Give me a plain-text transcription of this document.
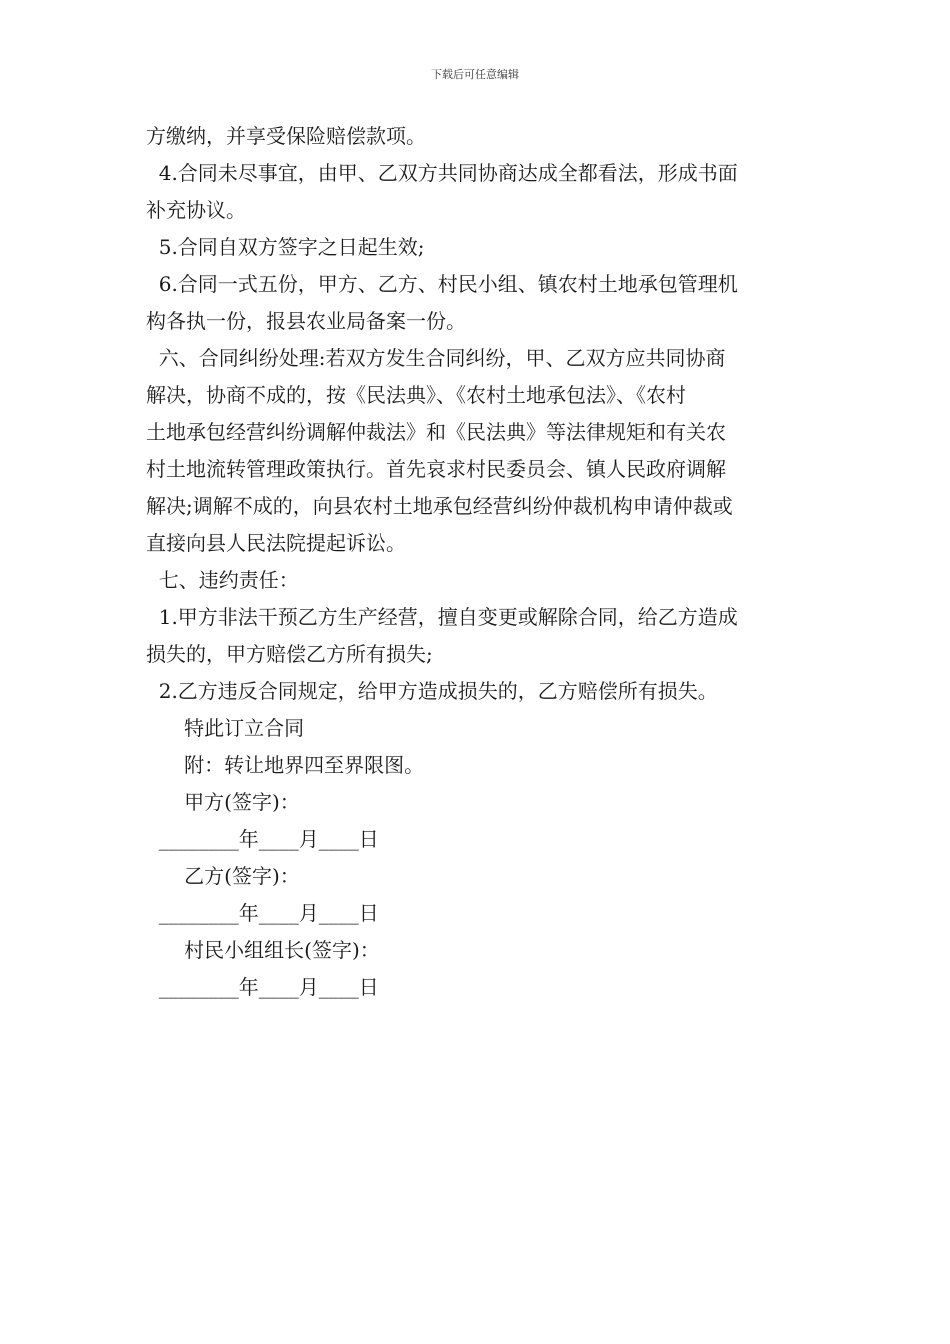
下载后可任意编辑
方缴纳，并享受保险赔偿款项。
4.合同未尽事宜，由甲、乙双方共同协商达成全都看法，形成书面
补充协议。
5.合同自双方签字之日起生效;
6.合同一式五份，甲方、乙方、村民小组、镇农村土地承包管理机
构各执一份，报县农业局备案一份。
六、合同纠纷处理:若双方发生合同纠纷，甲、乙双方应共同协商
解决，协商不成的，按《民法典》、《农村土地承包法》、《农村
土地承包经营纠纷调解仲裁法》和《民法典》等法律规矩和有关农
村土地流转管理政策执行。首先哀求村民委员会、镇人民政府调解
解决;调解不成的，向县农村土地承包经营纠纷仲裁机构申请仲裁或
直接向县人民法院提起诉讼。
七、违约责任：
1.甲方非法干预乙方生产经营，擅自变更或解除合同，给乙方造成
损失的，甲方赔偿乙方所有损失;
2.乙方违反合同规定，给甲方造成损失的，乙方赔偿所有损失。
特此订立合同
附：转让地界四至界限图。
甲方(签字)：
________年____月____日
乙方(签字)：
________年____月____日
村民小组组长(签字)：
________年____月____日
